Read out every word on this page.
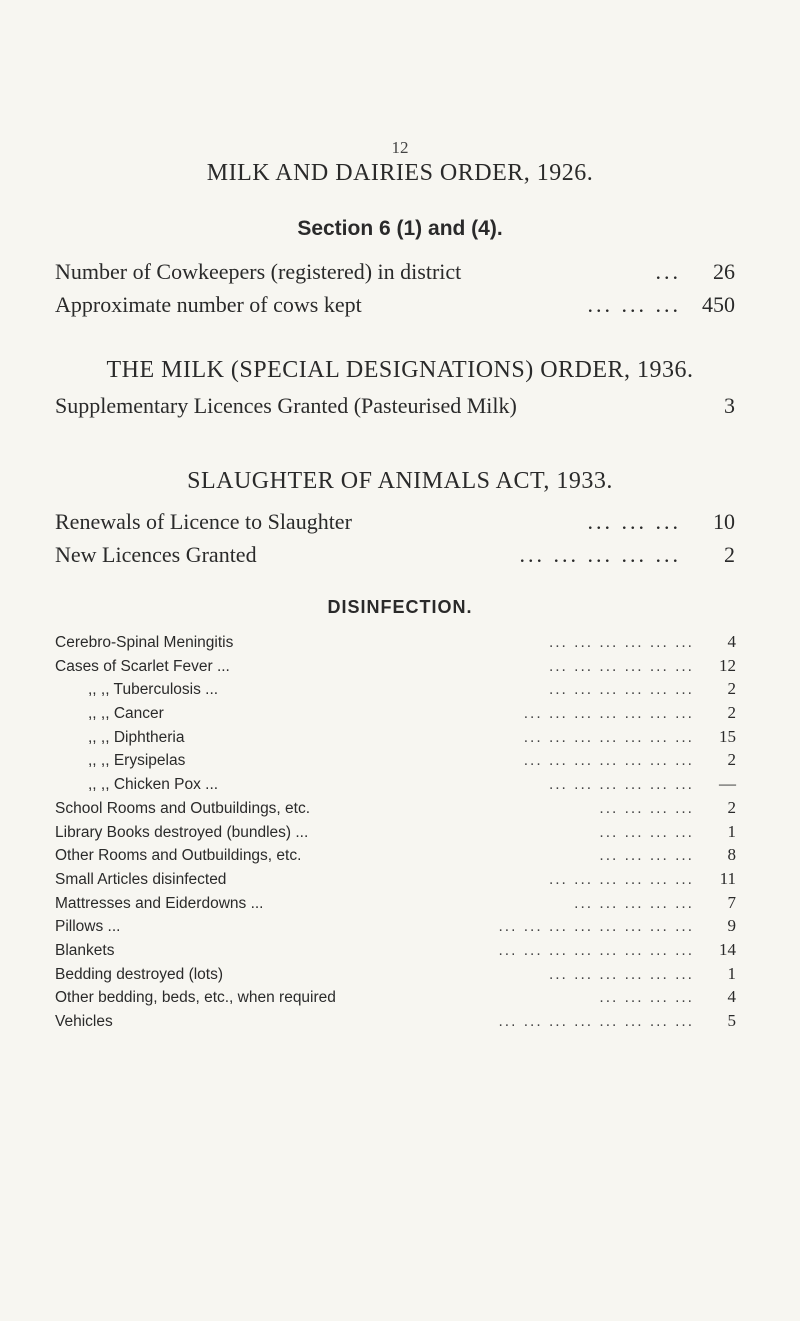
12
MILK AND DAIRIES ORDER, 1926.
Section 6 (1) and (4).
Number of Cowkeepers (registered) in district	...	26
Approximate number of cows kept	... ... ... 450
THE MILK (SPECIAL DESIGNATIONS) ORDER, 1936.
Supplementary Licences Granted (Pasteurised Milk)	3
SLAUGHTER OF ANIMALS ACT, 1933.
Renewals of Licence to Slaughter	... ... ...	10
New Licences Granted	... ... ... ... ...	2
DISINFECTION.
Cerebro-Spinal Meningitis	... ... ... ... ... ...	4
Cases of Scarlet Fever ...	... ... ... ... ... ...	12
,, ,, Tuberculosis ...	... ... ... ... ... ...	2
,, ,, Cancer	... ... ... ... ... ... ...	2
,, ,, Diphtheria	... ... ... ... ... ... ...	15
,, ,, Erysipelas	... ... ... ... ... ... ...	2
,, ,, Chicken Pox ...	... ... ... ... ... ...	—
School Rooms and Outbuildings, etc.	... ... ... ...	2
Library Books destroyed (bundles) ...	... ... ... ...	1
Other Rooms and Outbuildings, etc.	... ... ... ...	8
Small Articles disinfected	... ... ... ... ... ...	11
Mattresses and Eiderdowns ...	... ... ... ... ...	7
Pillows ...	... ... ... ... ... ... ... ...	9
Blankets	... ... ... ... ... ... ... ...	14
Bedding destroyed (lots)	... ... ... ... ... ...	1
Other bedding, beds, etc., when required	... ... ... ...	4
Vehicles	... ... ... ... ... ... ... ...	5
